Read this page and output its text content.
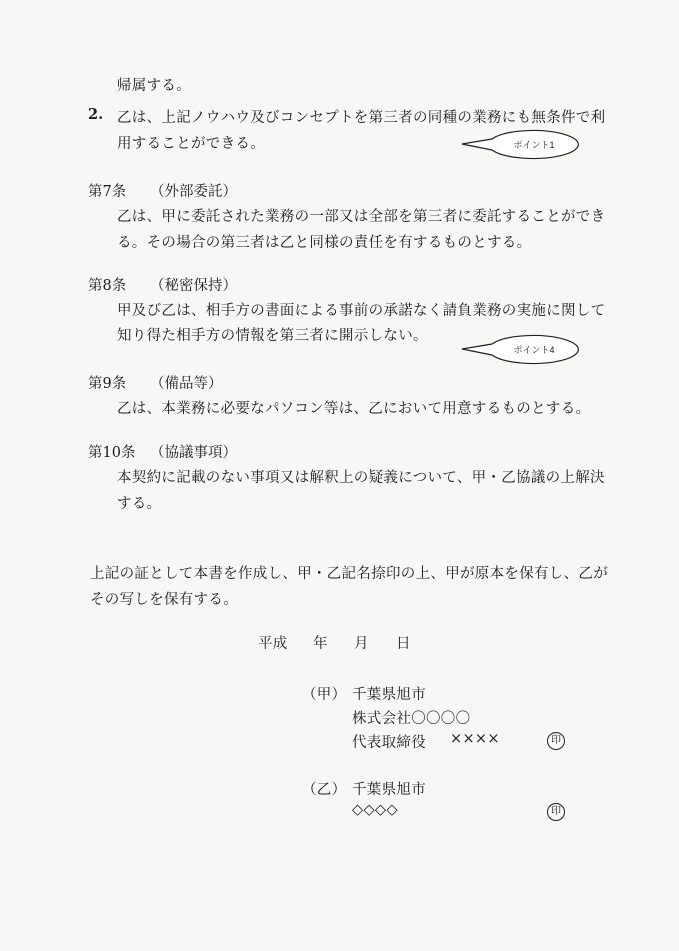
帰属する。
2. 乙は、上記ノウハウ及びコンセプトを第三者の同種の業務にも無条件で利
用することができる。	ポイント1
第7条 （外部委託）
乙は、甲に委託された業務の一部又は全部を第三者に委託することができ
る。その場合の第三者は乙と同様の責任を有するものとする。
第8条 （秘密保持）
甲及び乙は、相手方の書面による事前の承諾なく請負業務の実施に関して
知り得た相手方の情報を第三者に開示しない。
ポイント4
第9条 （備品等）
乙は、本業務に必要なパソコン等は、乙において用意するものとする。
第10条 （協議事項）
本契約に記載のない事項又は解釈上の疑義について、甲・乙協議の上解決
する。
上記の証として本書を作成し、甲・乙記名捺印の上、甲が原本を保有し、乙が
その写しを保有する。
平成 年 月 日
（甲） 千葉県旭市
株式会社〇〇〇〇
代表取締役 ××××	印
（乙） 千葉県旭市
◇◇◇◇	印
